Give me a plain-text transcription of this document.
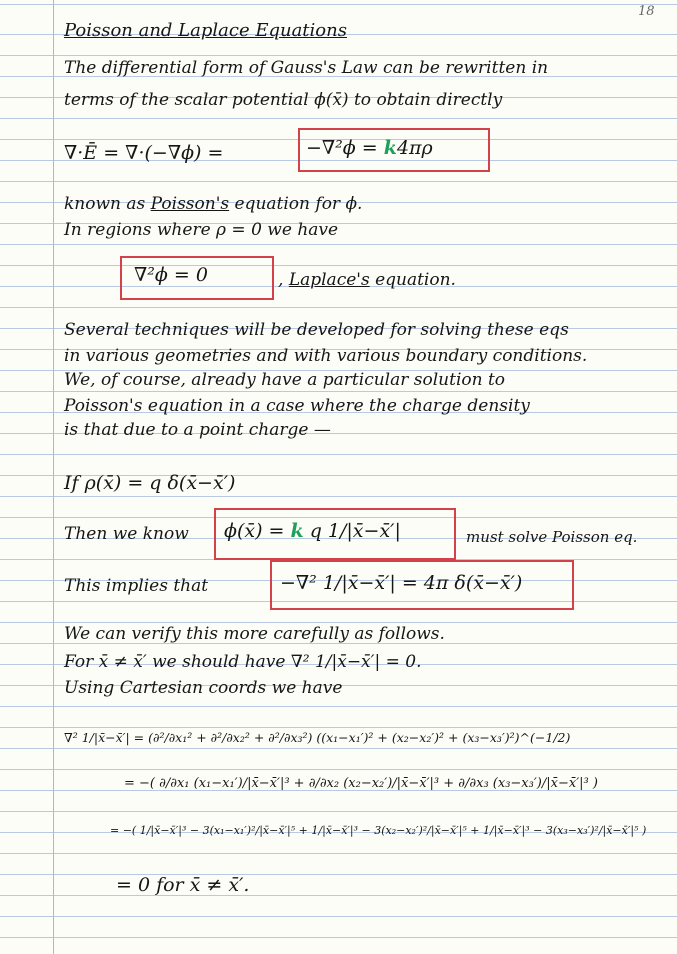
18
Poisson and Laplace Equations
The differential form of Gauss's Law can be rewritten in
terms of the scalar potential ϕ(x̄) to obtain directly
∇̄·Ē = ∇̄·(−∇̄ϕ) =	−∇²ϕ = k4πρ
known as Poisson's equation for ϕ.
In regions where ρ = 0 we have
∇²ϕ = 0	, Laplace's equation.
Several techniques will be developed for solving these eqs
in various geometries and with various boundary conditions.
We, of course, already have a particular solution to
Poisson's equation in a case where the charge density
is that due to a point charge —
If ρ(x̄) = q δ(x̄−x̄′)
Then we know ϕ(x̄) = k q 1/|x̄−x̄′|	must solve Poisson eq.
This implies that	−∇² 1/|x̄−x̄′| = 4π δ(x̄−x̄′)
We can verify this more carefully as follows.
For x̄ ≠ x̄′ we should have ∇² 1/|x̄−x̄′| = 0.
Using Cartesian coords we have
∇² 1/|x̄−x̄′| = (∂²/∂x₁² + ∂²/∂x₂² + ∂²/∂x₃²) ((x₁−x₁′)² + (x₂−x₂′)² + (x₃−x₃′)²)^(−1/2)
= −( ∂/∂x₁ (x₁−x₁′)/|x̄−x̄′|³ + ∂/∂x₂ (x₂−x₂′)/|x̄−x̄′|³ + ∂/∂x₃ (x₃−x₃′)/|x̄−x̄′|³ )
= −( 1/|x̄−x̄′|³ − 3(x₁−x₁′)²/|x̄−x̄′|⁵ + 1/|x̄−x̄′|³ − 3(x₂−x₂′)²/|x̄−x̄′|⁵ + 1/|x̄−x̄′|³ − 3(x₃−x₃′)²/|x̄−x̄′|⁵ )
= 0 for x̄ ≠ x̄′.
